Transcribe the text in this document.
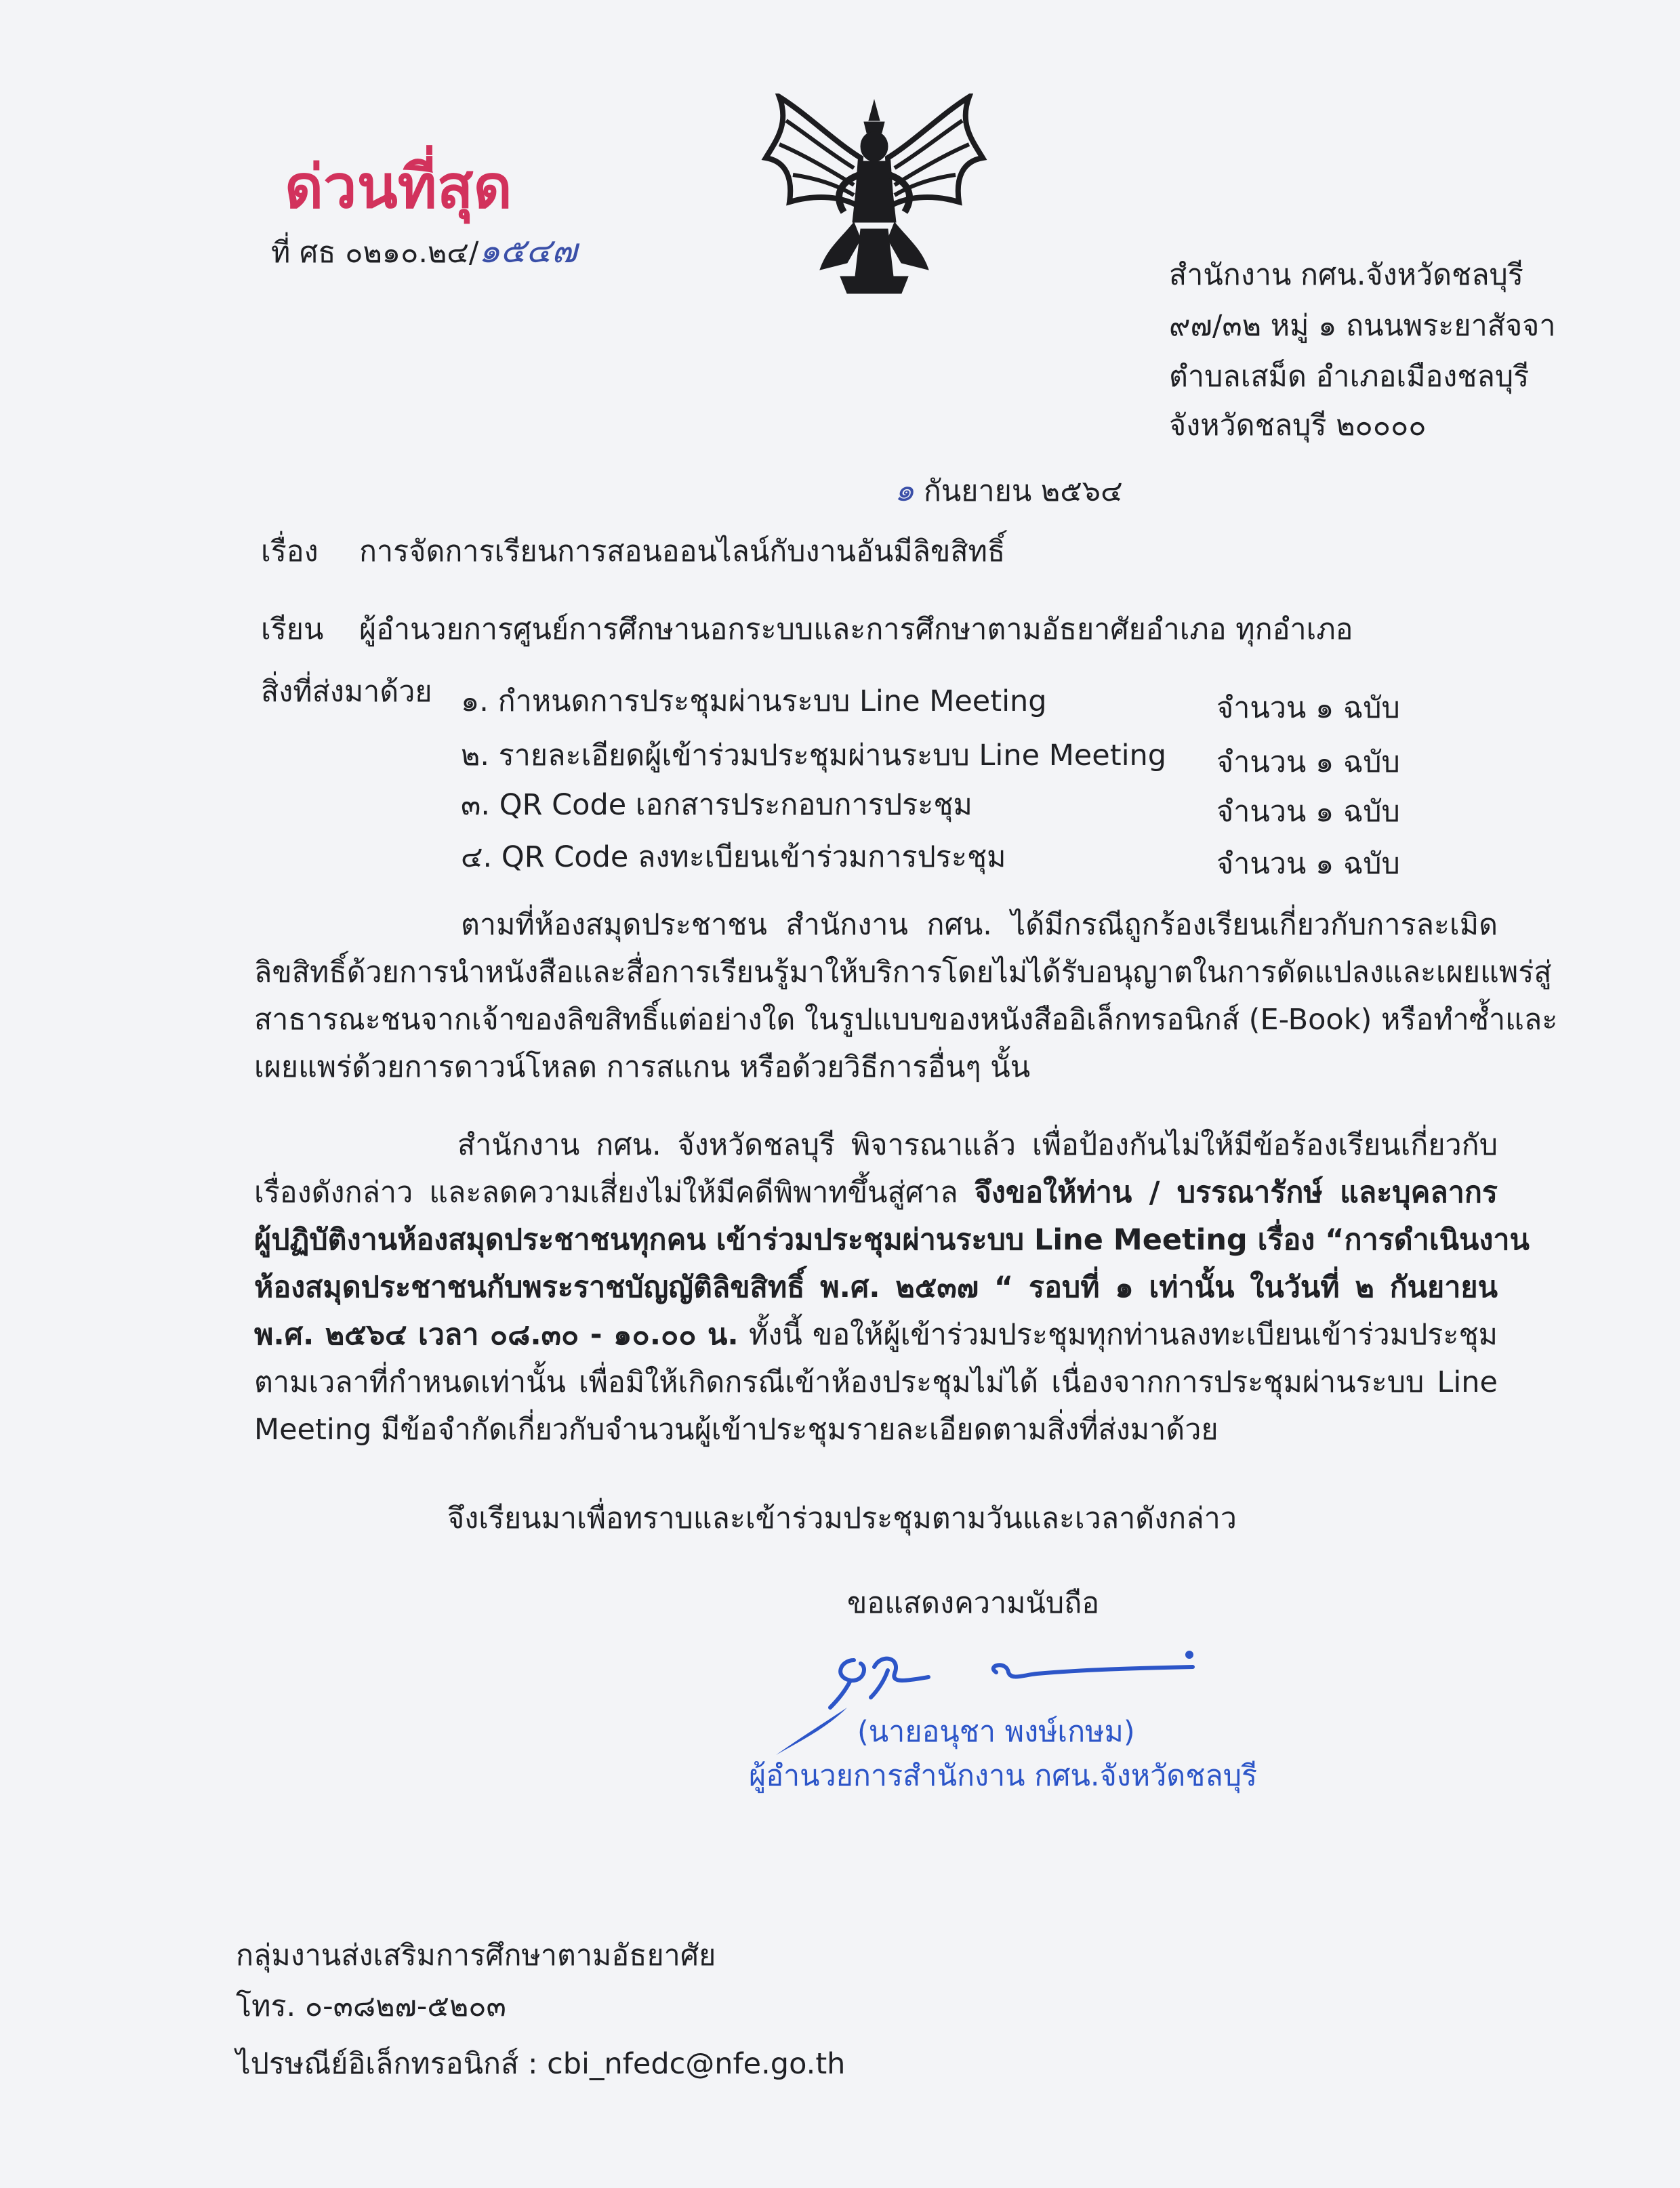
ด่วนที่สุด
ที่ ศธ ๐๒๑๐.๒๔/๑๕๔๗
สำนักงาน กศน.จังหวัดชลบุรี
๙๗/๓๒ หมู่ ๑ ถนนพระยาสัจจา
ตำบลเสม็ด อำเภอเมืองชลบุรี
จังหวัดชลบุรี ๒๐๐๐๐
๑ กันยายน ๒๕๖๔
เรื่อง การจัดการเรียนการสอนออนไลน์กับงานอันมีลิขสิทธิ์
เรียน ผู้อำนวยการศูนย์การศึกษานอกระบบและการศึกษาตามอัธยาศัยอำเภอ ทุกอำเภอ
สิ่งที่ส่งมาด้วย ๑. กำหนดการประชุมผ่านระบบ Line Meeting	จำนวน ๑ ฉบับ
๒. รายละเอียดผู้เข้าร่วมประชุมผ่านระบบ Line Meeting จำนวน ๑ ฉบับ
๓. QR Code เอกสารประกอบการประชุม	จำนวน ๑ ฉบับ
๔. QR Code ลงทะเบียนเข้าร่วมการประชุม	จำนวน ๑ ฉบับ
ตามที่ห้องสมุดประชาชน สำนักงาน กศน. ได้มีกรณีถูกร้องเรียนเกี่ยวกับการละเมิด
ลิขสิทธิ์ด้วยการนำหนังสือและสื่อการเรียนรู้มาให้บริการโดยไม่ได้รับอนุญาตในการดัดแปลงและเผยแพร่สู่
สาธารณะชนจากเจ้าของลิขสิทธิ์แต่อย่างใด ในรูปแบบของหนังสืออิเล็กทรอนิกส์ (E-Book) หรือทำซ้ำและ
เผยแพร่ด้วยการดาวน์โหลด การสแกน หรือด้วยวิธีการอื่นๆ นั้น
สำนักงาน กศน. จังหวัดชลบุรี พิจารณาแล้ว เพื่อป้องกันไม่ให้มีข้อร้องเรียนเกี่ยวกับ
เรื่องดังกล่าว และลดความเสี่ยงไม่ให้มีคดีพิพาทขึ้นสู่ศาล จึงขอให้ท่าน / บรรณารักษ์ และบุคลากร
ผู้ปฏิบัติงานห้องสมุดประชาชนทุกคน เข้าร่วมประชุมผ่านระบบ Line Meeting เรื่อง “การดำเนินงาน
ห้องสมุดประชาชนกับพระราชบัญญัติลิขสิทธิ์ พ.ศ. ๒๕๓๗ “ รอบที่ ๑ เท่านั้น ในวันที่ ๒ กันยายน
พ.ศ. ๒๕๖๔ เวลา ๐๘.๓๐ - ๑๐.๐๐ น. ทั้งนี้ ขอให้ผู้เข้าร่วมประชุมทุกท่านลงทะเบียนเข้าร่วมประชุม
ตามเวลาที่กำหนดเท่านั้น เพื่อมิให้เกิดกรณีเข้าห้องประชุมไม่ได้ เนื่องจากการประชุมผ่านระบบ Line
Meeting มีข้อจำกัดเกี่ยวกับจำนวนผู้เข้าประชุมรายละเอียดตามสิ่งที่ส่งมาด้วย
จึงเรียนมาเพื่อทราบและเข้าร่วมประชุมตามวันและเวลาดังกล่าว
ขอแสดงความนับถือ
(นายอนุชา พงษ์เกษม)
ผู้อำนวยการสำนักงาน กศน.จังหวัดชลบุรี
กลุ่มงานส่งเสริมการศึกษาตามอัธยาศัย
โทร. ๐-๓๘๒๗-๕๒๐๓
ไปรษณีย์อิเล็กทรอนิกส์ : cbi_nfedc@nfe.go.th
